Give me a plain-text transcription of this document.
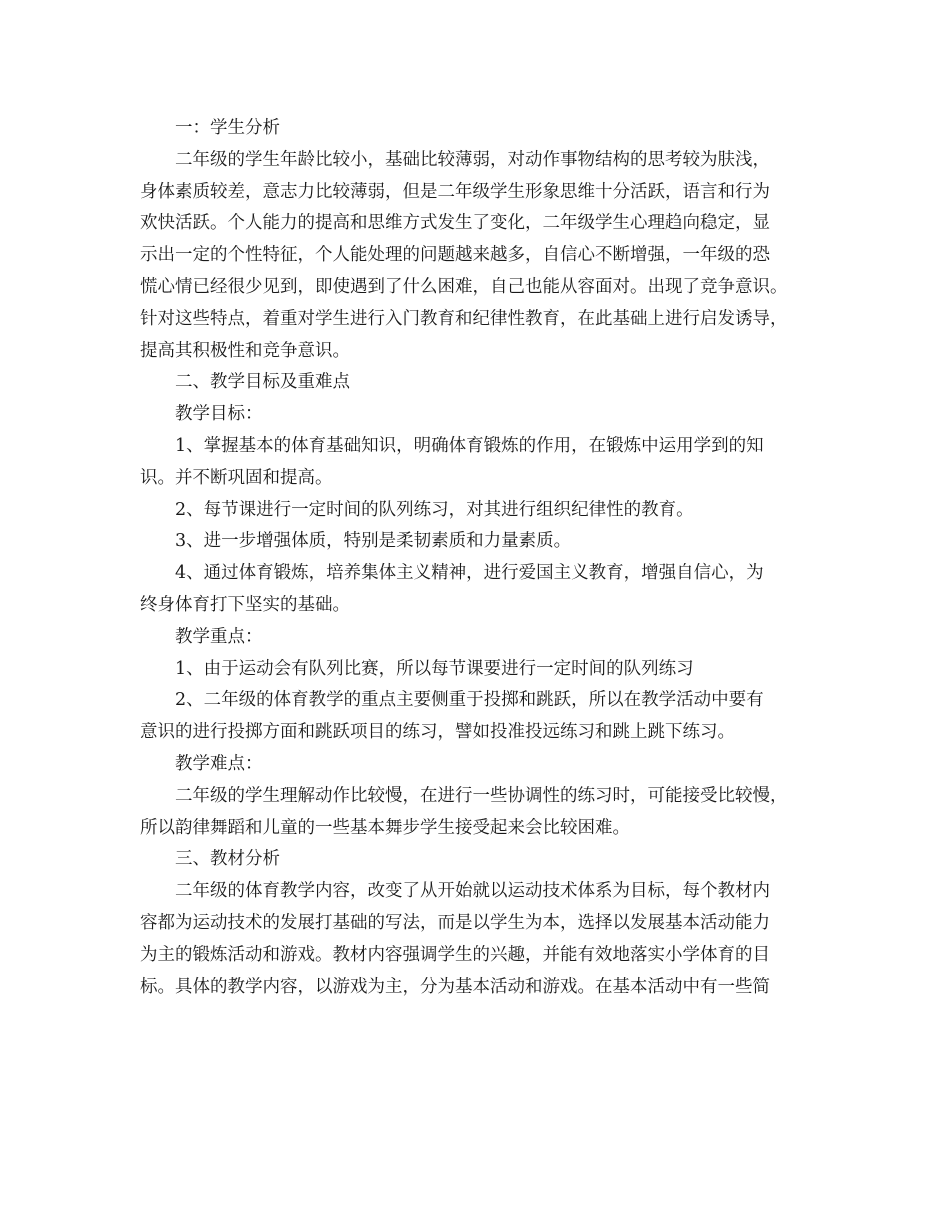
一：学生分析
二年级的学生年龄比较小，基础比较薄弱，对动作事物结构的思考较为肤浅，
身体素质较差，意志力比较薄弱，但是二年级学生形象思维十分活跃，语言和行为
欢快活跃。个人能力的提高和思维方式发生了变化，二年级学生心理趋向稳定，显
示出一定的个性特征，个人能处理的问题越来越多，自信心不断增强，一年级的恐
慌心情已经很少见到，即使遇到了什么困难，自己也能从容面对。出现了竞争意识。
针对这些特点，着重对学生进行入门教育和纪律性教育，在此基础上进行启发诱导，
提高其积极性和竞争意识。
二、教学目标及重难点
教学目标：
1、掌握基本的体育基础知识，明确体育锻炼的作用，在锻炼中运用学到的知
识。并不断巩固和提高。
2、每节课进行一定时间的队列练习，对其进行组织纪律性的教育。
3、进一步增强体质，特别是柔韧素质和力量素质。
4、通过体育锻炼，培养集体主义精神，进行爱国主义教育，增强自信心，为
终身体育打下坚实的基础。
教学重点：
1、由于运动会有队列比赛，所以每节课要进行一定时间的队列练习
2、二年级的体育教学的重点主要侧重于投掷和跳跃，所以在教学活动中要有
意识的进行投掷方面和跳跃项目的练习，譬如投准投远练习和跳上跳下练习。
教学难点：
二年级的学生理解动作比较慢，在进行一些协调性的练习时，可能接受比较慢，
所以韵律舞蹈和儿童的一些基本舞步学生接受起来会比较困难。
三、教材分析
二年级的体育教学内容，改变了从开始就以运动技术体系为目标，每个教材内
容都为运动技术的发展打基础的写法，而是以学生为本，选择以发展基本活动能力
为主的锻炼活动和游戏。教材内容强调学生的兴趣，并能有效地落实小学体育的目
标。具体的教学内容，以游戏为主，分为基本活动和游戏。在基本活动中有一些简
